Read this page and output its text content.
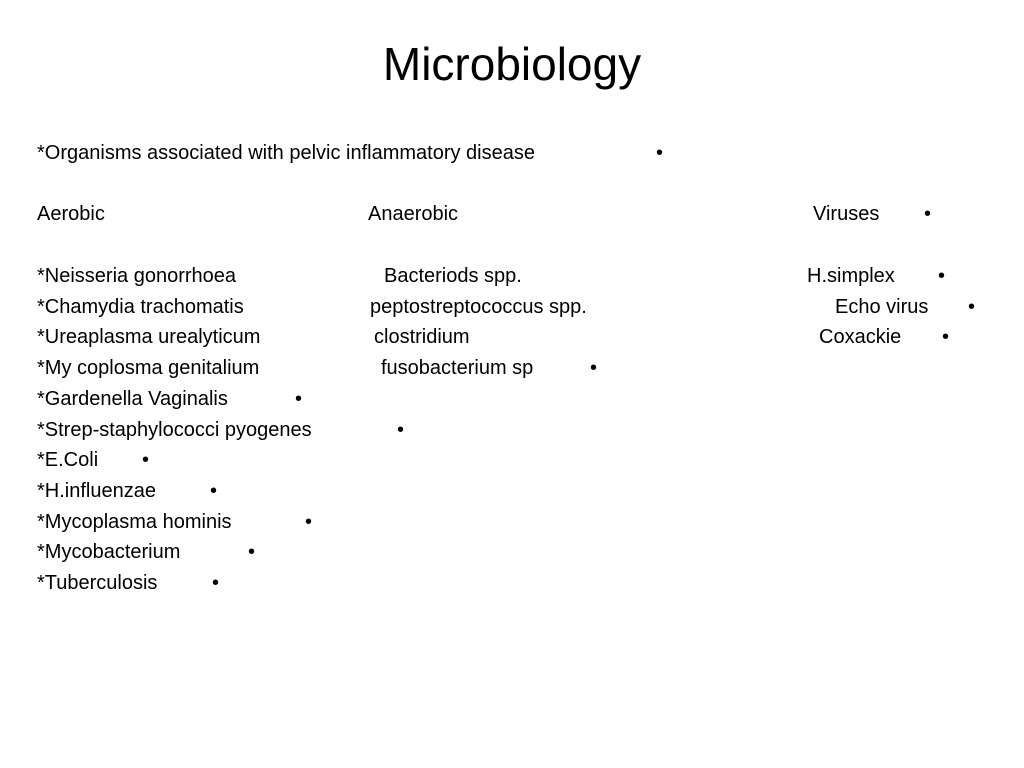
Microbiology
*Organisms associated with pelvic inflammatory disease	•
Aerobic	Anaerobic	Viruses •
*Neisseria gonorrhoea	Bacteriods spp.	H.simplex •
*Chamydia trachomatis	peptostreptococcus spp.	Echo virus •
*Ureaplasma urealyticum	clostridium	Coxackie •
*My coplosma genitalium	fusobacterium sp	•
*Gardenella Vaginalis	•
*Strep-staphylococci pyogenes	•
*E.Coli •
*H.influenzae	•
*Mycoplasma hominis	•
*Mycobacterium	•
*Tuberculosis	•
